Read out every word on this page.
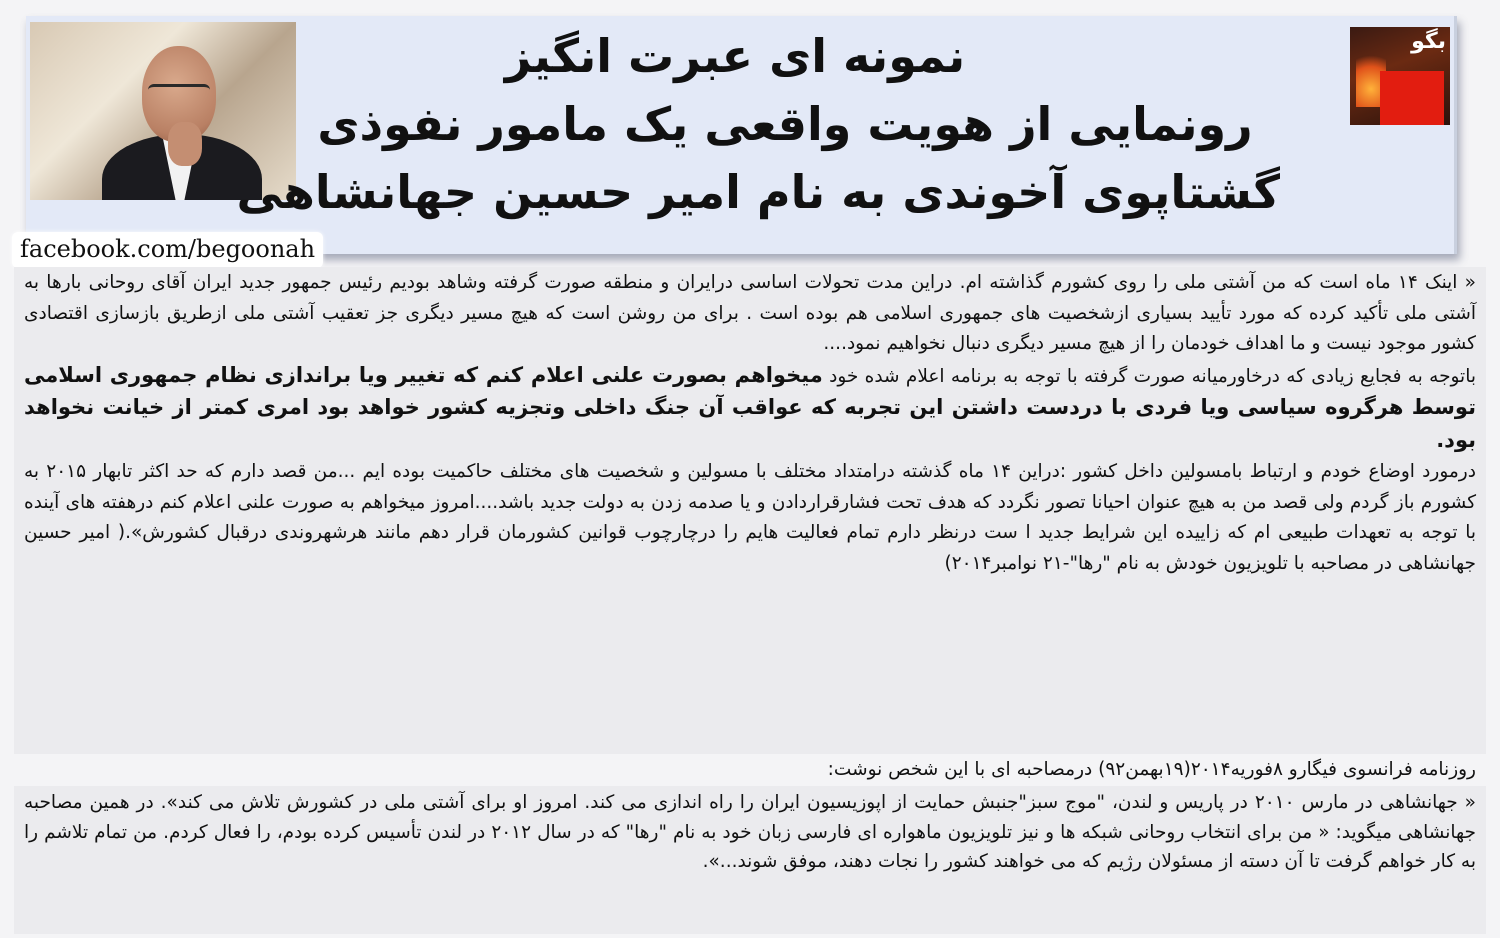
نمونه ای عبرت انگیز
رونمایی از هویت واقعی یک مامور نفوذی
گشتاپوی آخوندی به نام امیر حسین جهانشاهی
بگو
facebook.com/begoonah

« اینک ۱۴ ماه است که من آشتی ملی را روی کشورم گذاشته ام. دراین مدت تحولات اساسی درایران و منطقه صورت گرفته وشاهد بودیم رئیس جمهور جدید ایران آقای روحانی بارها به آشتی ملی تأکید کرده که مورد تأیید بسیاری ازشخصیت های جمهوری اسلامی هم بوده است . برای من روشن است که هیچ مسیر دیگری جز تعقیب آشتی ملی ازطریق بازسازی اقتصادی کشور موجود نیست و ما اهداف خودمان را از هیچ مسیر دیگری دنبال نخواهیم نمود....

باتوجه به فجایع زیادی که درخاورمیانه صورت گرفته با توجه به برنامه اعلام شده خود میخواهم بصورت علنی اعلام کنم که تغییر ویا براندازی نظام جمهوری اسلامی توسط هرگروه سیاسی ویا فردی با دردست داشتن این تجربه که عواقب آن جنگ داخلی وتجزیه کشور خواهد بود امری کمتر از خیانت نخواهد بود.

درمورد اوضاع خودم و ارتباط بامسولین داخل کشور :دراین ۱۴ ماه گذشته درامتداد مختلف با مسولین و شخصیت های مختلف حاکمیت بوده ایم ...من قصد دارم که حد اکثر تابهار ۲۰۱۵ به کشورم باز گردم ولی قصد من به هیچ عنوان احیانا تصور نگردد که هدف تحت فشارقراردادن و یا صدمه زدن به دولت جدید باشد....امروز میخواهم به صورت علنی اعلام کنم درهفته های آینده با توجه به تعهدات طبیعی ام که زاییده این شرایط جدید ا ست درنظر دارم تمام فعالیت هایم را درچارچوب قوانین کشورمان قرار دهم مانند هرشهروندی درقبال کشورش».( امیر حسین جهانشاهی در مصاحبه با تلویزیون خودش به نام "رها"-۲۱ نوامبر۲۰۱۴)

روزنامه فرانسوی فیگارو ۸فوریه۲۰۱۴(۱۹بهمن۹۲) درمصاحبه ای با این شخص نوشت:

« جهانشاهی در مارس ۲۰۱۰ در پاریس و لندن، "موج سبز"جنبش حمایت از اپوزیسیون ایران را راه اندازی می کند. امروز او برای آشتی ملی در کشورش تلاش می کند». در همین مصاحبه جهانشاهی میگوید: « من برای انتخاب روحانی شبکه ها و نیز تلویزیون ماهواره ای فارسی زبان خود به نام "رها" که در سال ۲۰۱۲ در لندن تأسیس کرده بودم، را فعال کردم. من تمام تلاشم را به کار خواهم گرفت تا آن دسته از مسئولان رژیم که می خواهند کشور را نجات دهند، موفق شوند...».
